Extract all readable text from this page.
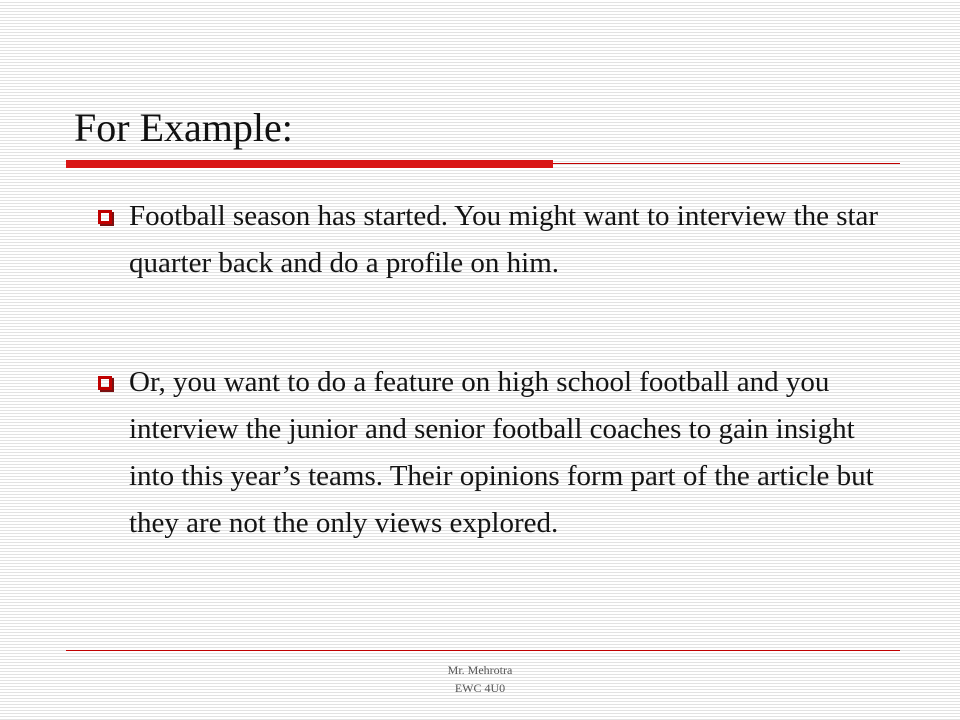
For Example:
Football season has started. You might want to interview the star quarter back and do a profile on him.
Or, you want to do a feature on high school football and you interview the junior and senior football coaches to gain insight into this year’s teams. Their opinions form part of the article but they are not the only views explored.
Mr. Mehrotra
EWC 4U0
